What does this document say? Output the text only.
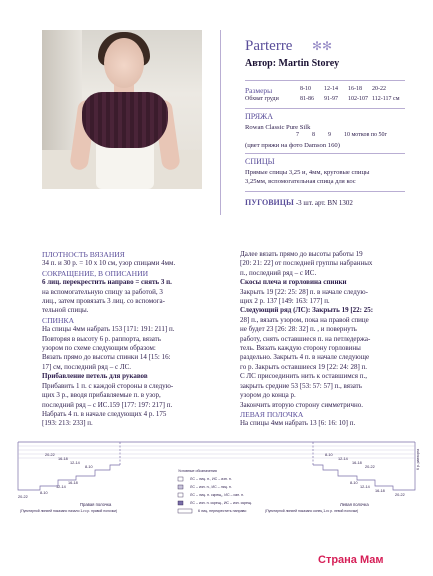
Parterre ✻✻
Автор: Martin Storey
Размеры	8-10 12-14 16-18 20-22
Обхват груди	81-86 91-97 102-107 112-117 см
ПРЯЖА
Rowan Classic Pure Silk
7 8 9 10 мотков по 50г
(цвет пряжи на фото Damson 160)
СПИЦЫ
Прямые спицы 3,25 и, 4мм, круговые спицы
3,25мм, вспомогательная спица для кос
ПУГОВИЦЫ -3 шт. арт. BN 1302
ПЛОТНОСТЬ ВЯЗАНИЯ
34 п. и 30 р. = 10 х 10 см, узор спицами 4мм.
СОКРАЩЕНИЕ, В ОПИСАНИИ
6 лиц. перекрестить направо = снять 3 п.
на вспомогательную спицу за работой, 3
лиц., затем провязать 3 лиц. со вспомога-
тельной спицы.
СПИНКА
На спицы 4мм набрать 153 [171: 191: 211] п.
Повторяя в высоту 6 р. раппорта, вязать
узором по схеме следующим образом:
Вязать прямо до высоты спинки 14 [15: 16:
17] см, последний ряд – с ЛС.
Прибавление петель для рукавов
Прибавить 1 п. с каждой стороны в следую-
щих 3 р., вводя прибавляемые п. в узор,
последний ряд – с ИС.159 [177: 197: 217] п.
Набрать 4 п. в начале следующих 4 р. 175
[193: 213: 233] п.
Далее вязать прямо до высоты работы 19
[20: 21: 22] от последней группы набранных
п., последний ряд – с ИС.
Скосы плеча и горловина спинки
Закрыть 19 [22: 25: 28] п. в начале следую-
щих 2 р. 137 [149: 163: 177] п.
Следующий ряд (ЛС): Закрыть 19 [22: 25:
28] п., вязать узором, пока на правой спице
не будет 23 [26: 28: 32] п. , и повернуть
работу, снять оставшиеся п. на петледержа-
тель. Вязать каждую сторону горловины
раздельно. Закрыть 4 п. в начале следующе
го р. Закрыть оставшиеся 19 [22: 24: 28] п.
С ЛС присоединить нить к оставшимся п.,
закрыть средние 53 [53: 57: 57] п., вязать
узором до конца р.
Закончить вторую сторону симметрично.
ЛЕВАЯ ПОЛОЧКА
На спицы 4мм набрать 13 [6: 16: 10] п.
Условные обозначения
ЛС – лиц. п., ИС – изн. п.
ЛС – изн. п., ИС – лиц. п.
ЛС – лиц. п. скрещ., ИС – изн. п.
ЛС – изн. п. скрещ., ИС – изн. скрещ.
6 лиц. перекрестить направо
20-22
16-18
12-14
8-10
16-18
12-14
8-10
20-22
Правая полочка
(Пунктирной линией показано начало 1-го р. правой полочки)
8-10
12-14
16-18
20-22
8-10
12-14
16-18
20-22
Левая полочка
(Пунктирной линией показано конец 1-го р. левой полочки)
6 р. раппорта
Страна Мам
